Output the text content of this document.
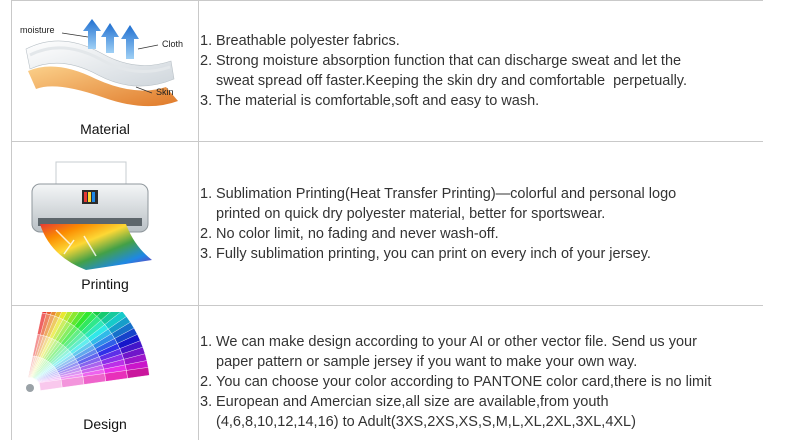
moisture
Cloth
Skin
Material
1. Breathable polyester fabrics.
2. Strong moisture absorption function that can discharge sweat and let the
sweat spread off faster.Keeping the skin dry and comfortable  perpetually.
3. The material is comfortable,soft and easy to wash.
Printing
1. Sublimation Printing(Heat Transfer Printing)—colorful and personal logo
printed on quick dry polyester material, better for sportswear.
2. No color limit, no fading and never wash-off.
3. Fully sublimation printing, you can print on every inch of your jersey.
Design
1. We can make design according to your AI or other vector file. Send us your
paper pattern or sample jersey if you want to make your own way.
2. You can choose your color according to PANTONE color card,there is no limit
3. European and Amercian size,all size are available,from youth
(4,6,8,10,12,14,16) to Adult(3XS,2XS,XS,S,M,L,XL,2XL,3XL,4XL)
